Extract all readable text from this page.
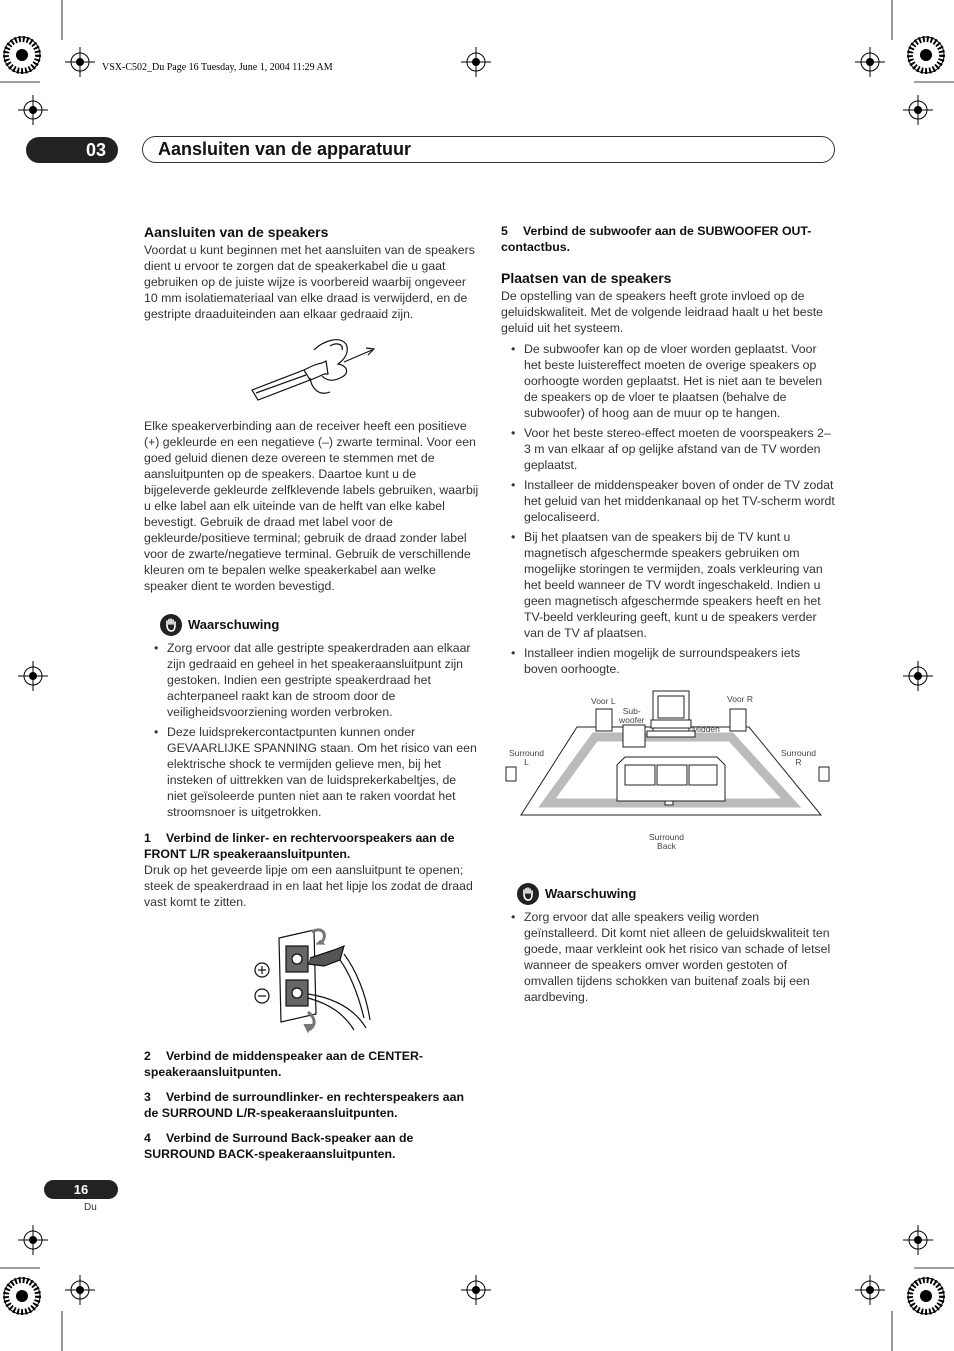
VSX-C502_Du Page 16 Tuesday, June 1, 2004 11:29 AM
03	Aansluiten van de apparatuur
Aansluiten van de speakers

Voordat u kunt beginnen met het aansluiten van de speakers dient u ervoor te zorgen dat de speakerkabel die u gaat gebruiken op de juiste wijze is voorbereid waarbij ongeveer 10 mm isolatiemateriaal van elke draad is verwijderd, en de gestripte draaduiteinden aan elkaar gedraaid zijn.

Elke speakerverbinding aan de receiver heeft een positieve (+) gekleurde en een negatieve (–) zwarte terminal. Voor een goed geluid dienen deze overeen te stemmen met de aansluitpunten op de speakers. Daartoe kunt u de bijgeleverde gekleurde zelfklevende labels gebruiken, waarbij u elke label aan elk uiteinde van de helft van elke kabel bevestigt. Gebruik de draad met label voor de gekleurde/positieve terminal; gebruik de draad zonder label voor de zwarte/negatieve terminal. Gebruik de verschillende kleuren om te bepalen welke speakerkabel aan welke speaker dient te worden bevestigd.

Waarschuwing
• Zorg ervoor dat alle gestripte speakerdraden aan elkaar zijn gedraaid en geheel in het speakeraansluitpunt zijn gestoken. Indien een gestripte speakerdraad het achterpaneel raakt kan de stroom door de veiligheidsvoorziening worden verbroken.
• Deze luidsprekercontactpunten kunnen onder GEVAARLIJKE SPANNING staan. Om het risico van een elektrische shock te vermijden gelieve men, bij het insteken of uittrekken van de luidsprekerkabeltjes, de niet geïsoleerde punten niet aan te raken voordat het stroomsnoer is uitgetrokken.

1 Verbind de linker- en rechtervoorspeakers aan de FRONT L/R speakeraansluitpunten.

Druk op het geveerde lipje om een aansluitpunt te openen; steek de speakerdraad in en laat het lipje los zodat de draad vast komt te zitten.

2 Verbind de middenspeaker aan de CENTER-speakeraansluitpunten.

3 Verbind de surroundlinker- en rechterspeakers aan de SURROUND L/R-speakeraansluitpunten.

4 Verbind de Surround Back-speaker aan de SURROUND BACK-speakeraansluitpunten.

5 Verbind de subwoofer aan de SUBWOOFER OUT-contactbus.

Plaatsen van de speakers

De opstelling van de speakers heeft grote invloed op de geluidskwaliteit. Met de volgende leidraad haalt u het beste geluid uit het systeem.

• De subwoofer kan op de vloer worden geplaatst. Voor het beste luistereffect moeten de overige speakers op oorhoogte worden geplaatst. Het is niet aan te bevelen de speakers op de vloer te plaatsen (behalve de subwoofer) of hoog aan de muur op te hangen.
• Voor het beste stereo-effect moeten de voorspeakers 2–3 m van elkaar af op gelijke afstand van de TV worden geplaatst.
• Installeer de middenspeaker boven of onder de TV zodat het geluid van het middenkanaal op het TV-scherm wordt gelocaliseerd.
• Bij het plaatsen van de speakers bij de TV kunt u magnetisch afgeschermde speakers gebruiken om mogelijke storingen te vermijden, zoals verkleuring van het beeld wanneer de TV wordt ingeschakeld. Indien u geen magnetisch afgeschermde speakers heeft en het TV-beeld verkleuring geeft, kunt u de speakers verder van de TV af plaatsen.
• Installeer indien mogelijk de surroundspeakers iets boven oorhoogte.
Voor L	Voor R
Sub-
woofer
Midden
Surround
L
Surround
R
Surround
Back
Waarschuwing
• Zorg ervoor dat alle speakers veilig worden geïnstalleerd. Dit komt niet alleen de geluidskwaliteit ten goede, maar verkleint ook het risico van schade of letsel wanneer de speakers omver worden gestoten of omvallen tijdens schokken van buitenaf zoals bij een aardbeving.
16
Du
